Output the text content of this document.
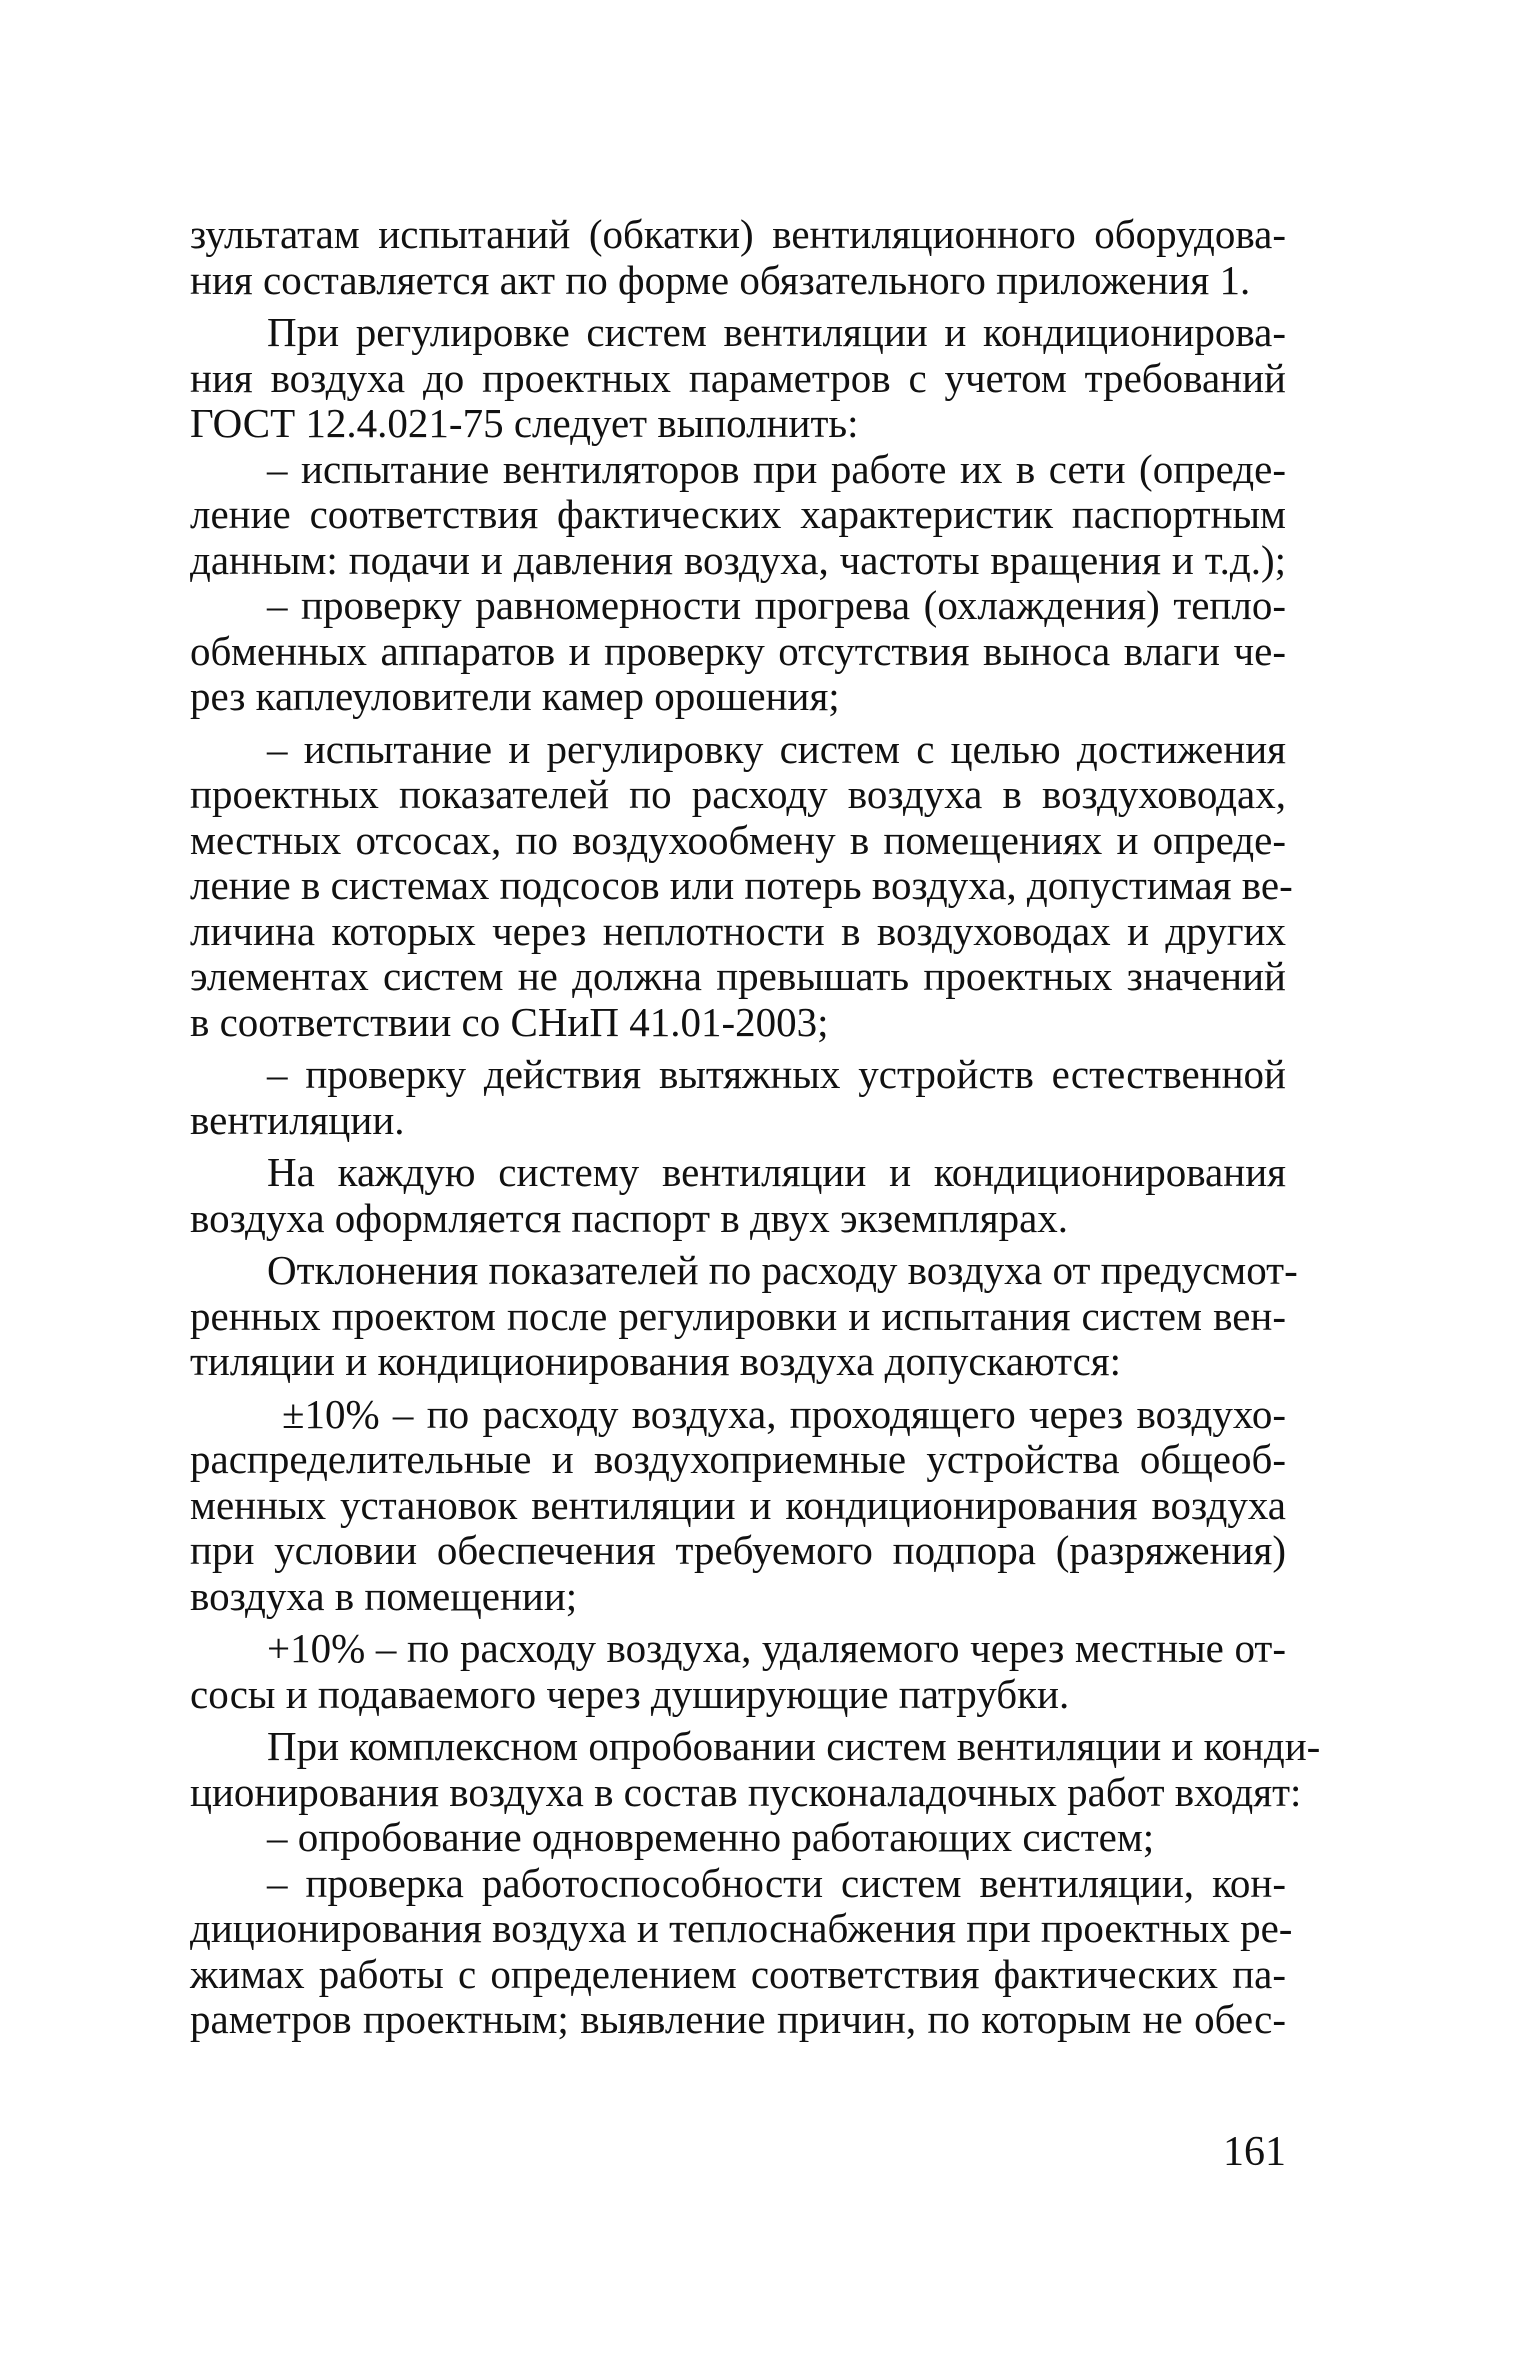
зультатам испытаний (обкатки) вентиляционного оборудова-
ния составляется акт по форме обязательного приложения 1.
При регулировке систем вентиляции и кондиционирова-
ния воздуха до проектных параметров с учетом требований
ГОСТ 12.4.021-75 следует выполнить:
– испытание вентиляторов при работе их в сети (опреде-
ление соответствия фактических характеристик паспортным
данным: подачи и давления воздуха, частоты вращения и т.д.);
– проверку равномерности прогрева (охлаждения) тепло-
обменных аппаратов и проверку отсутствия выноса влаги че-
рез каплеуловители камер орошения;
– испытание и регулировку систем с целью достижения
проектных показателей по расходу воздуха в воздуховодах,
местных отсосах, по воздухообмену в помещениях и опреде-
ление в системах подсосов или потерь воздуха, допустимая ве-
личина которых через неплотности в воздуховодах и других
элементах систем не должна превышать проектных значений
в соответствии со СНиП 41.01-2003;
– проверку действия вытяжных устройств естественной
вентиляции.
На каждую систему вентиляции и кондиционирования
воздуха оформляется паспорт в двух экземплярах.
Отклонения показателей по расходу воздуха от предусмот-
ренных проектом после регулировки и испытания систем вен-
тиляции и кондиционирования воздуха допускаются:
±10% – по расходу воздуха, проходящего через воздухо-
распределительные и воздухоприемные устройства общеоб-
менных установок вентиляции и кондиционирования воздуха
при условии обеспечения требуемого подпора (разряжения)
воздуха в помещении;
+10% – по расходу воздуха, удаляемого через местные от-
сосы и подаваемого через душирующие патрубки.
При комплексном опробовании систем вентиляции и конди-
ционирования воздуха в состав пусконаладочных работ входят:
– опробование одновременно работающих систем;
– проверка работоспособности систем вентиляции, кон-
диционирования воздуха и теплоснабжения при проектных ре-
жимах работы с определением соответствия фактических па-
раметров проектным; выявление причин, по которым не обес-
161
